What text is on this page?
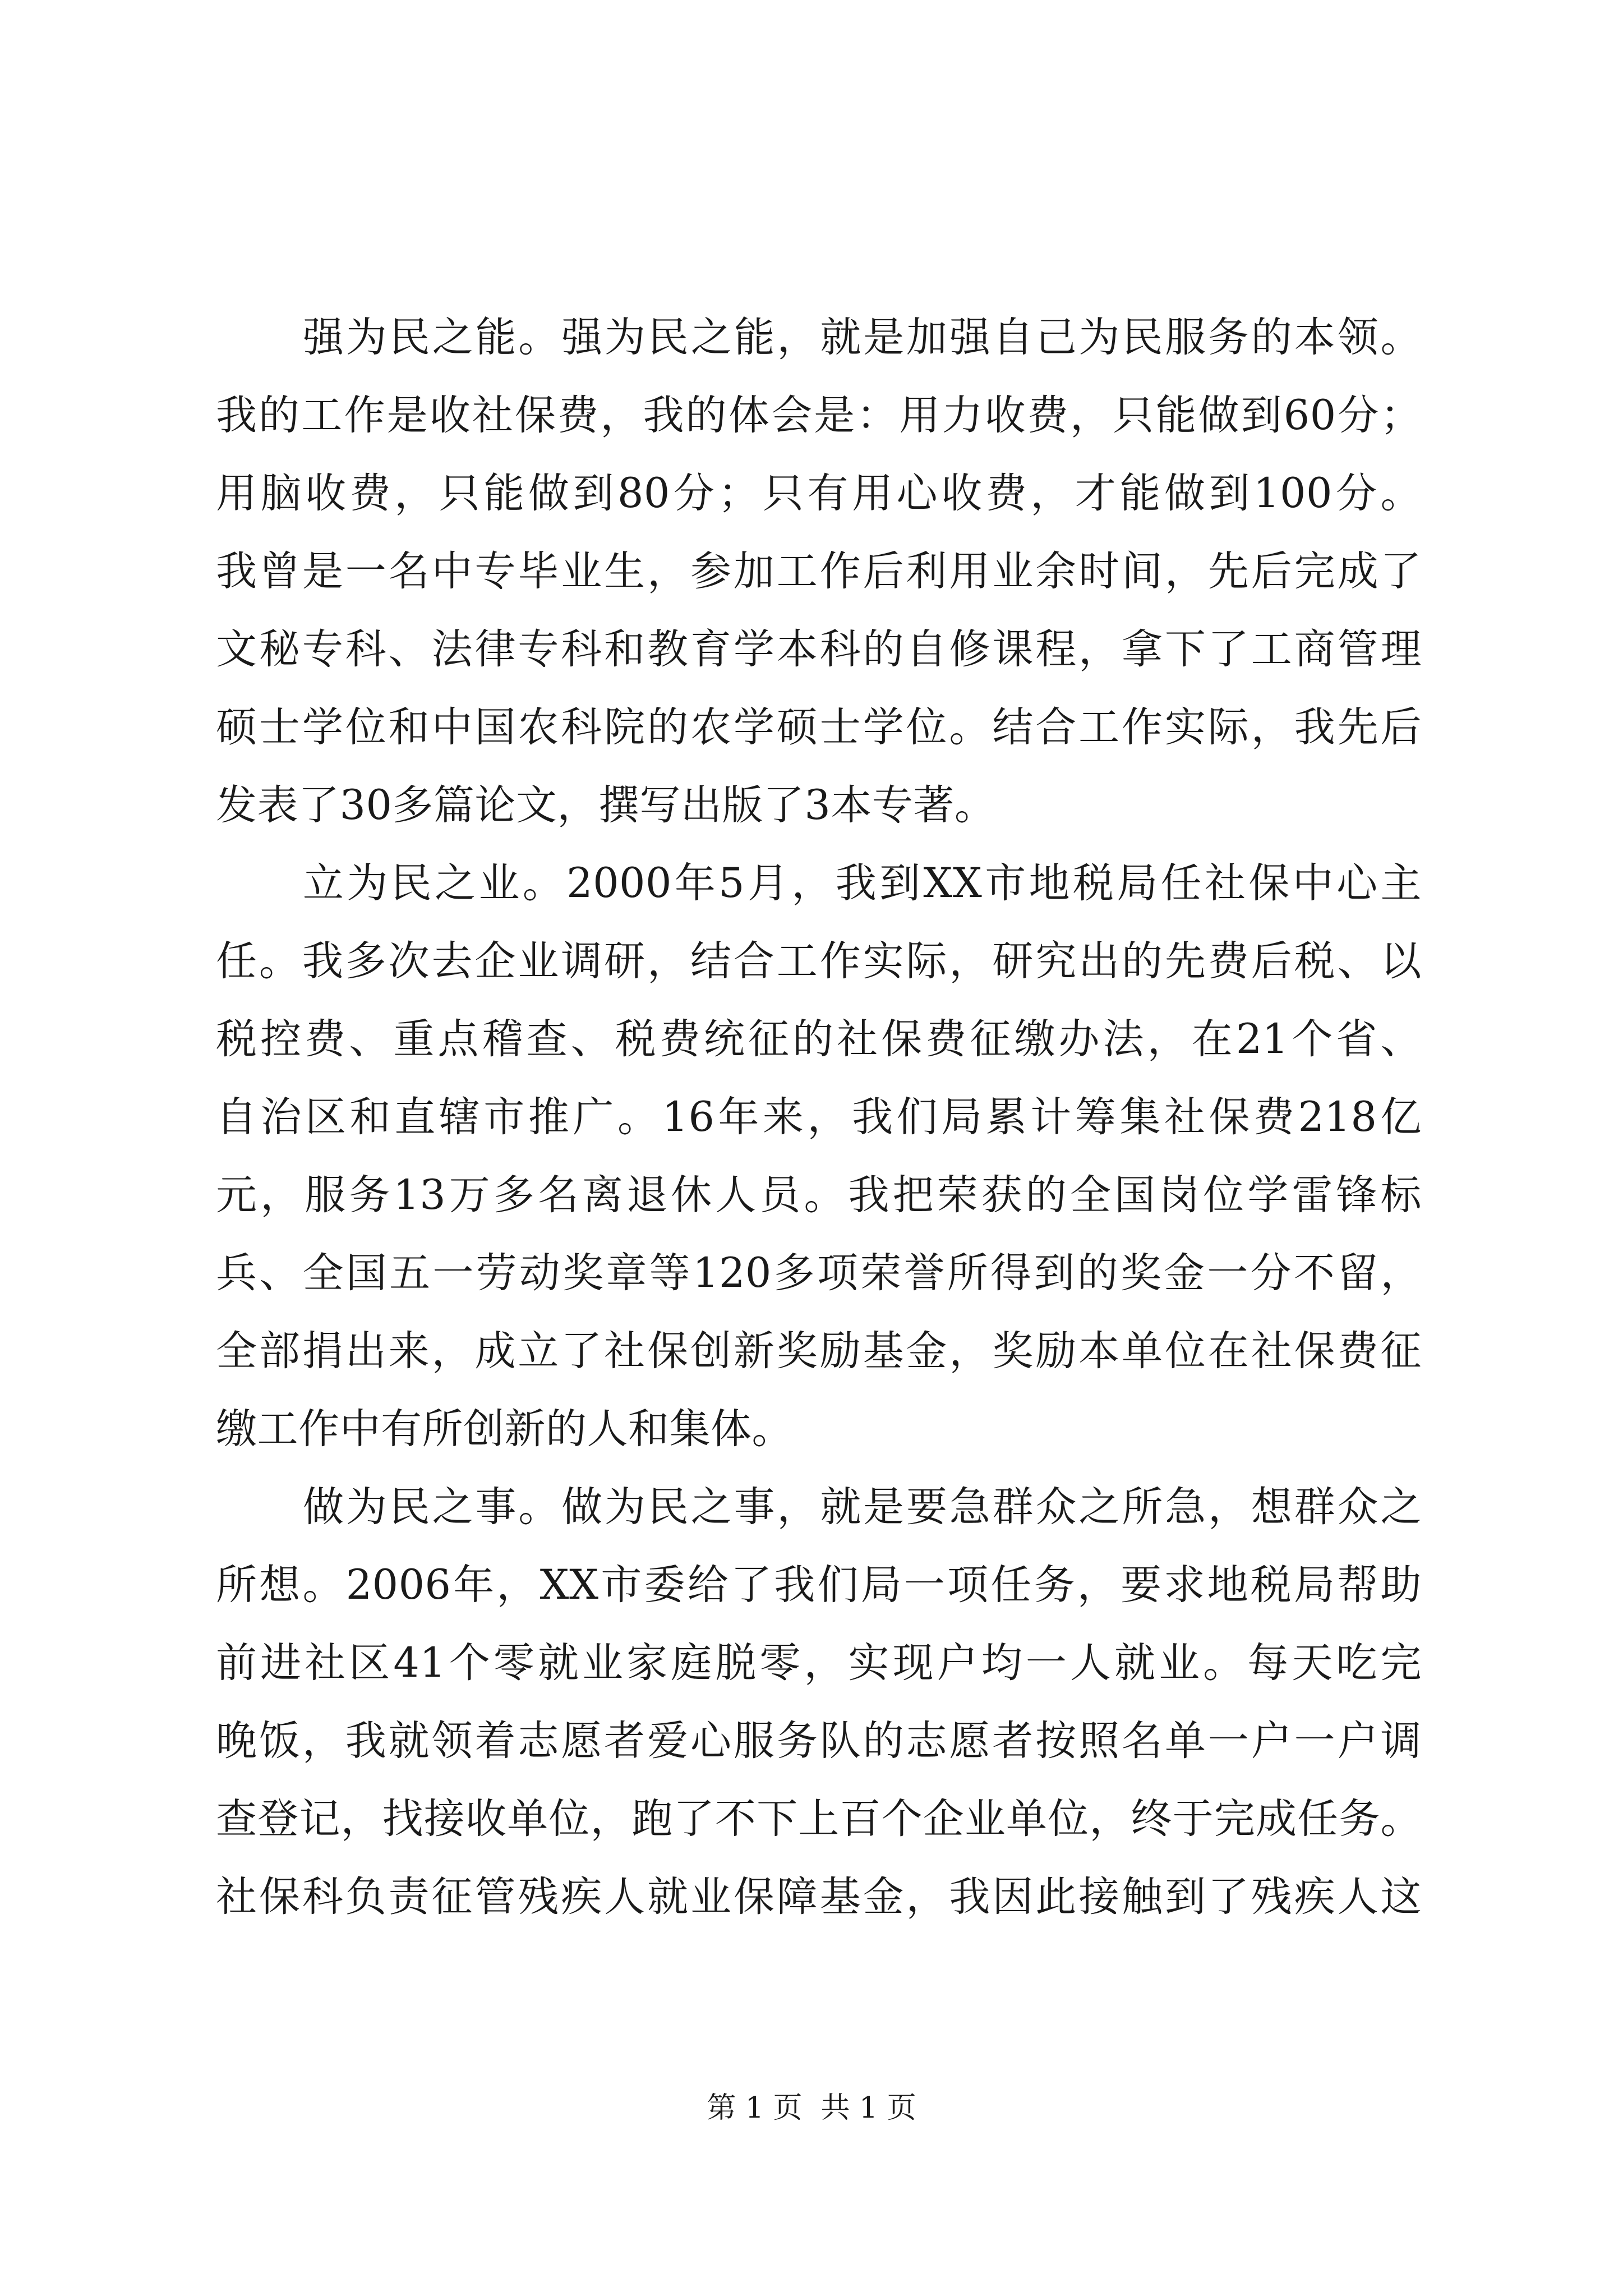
强为民之能。强为民之能，就是加强自己为民服务的本领。
我的工作是收社保费，我的体会是：用力收费，只能做到60分；
用脑收费，只能做到80分；只有用心收费，才能做到100分。
我曾是一名中专毕业生，参加工作后利用业余时间，先后完成了
文秘专科、法律专科和教育学本科的自修课程，拿下了工商管理
硕士学位和中国农科院的农学硕士学位。结合工作实际，我先后
发表了30多篇论文，撰写出版了3本专著。
立为民之业。2000年5月，我到XX市地税局任社保中心主
任。我多次去企业调研，结合工作实际，研究出的先费后税、以
税控费、重点稽查、税费统征的社保费征缴办法，在21个省、
自治区和直辖市推广。16年来，我们局累计筹集社保费218亿
元，服务13万多名离退休人员。我把荣获的全国岗位学雷锋标
兵、全国五一劳动奖章等120多项荣誉所得到的奖金一分不留，
全部捐出来，成立了社保创新奖励基金，奖励本单位在社保费征
缴工作中有所创新的人和集体。
做为民之事。做为民之事，就是要急群众之所急，想群众之
所想。2006年，XX市委给了我们局一项任务，要求地税局帮助
前进社区41个零就业家庭脱零，实现户均一人就业。每天吃完
晚饭，我就领着志愿者爱心服务队的志愿者按照名单一户一户调
查登记，找接收单位，跑了不下上百个企业单位，终于完成任务。
社保科负责征管残疾人就业保障基金，我因此接触到了残疾人这
第 1 页  共 1 页
